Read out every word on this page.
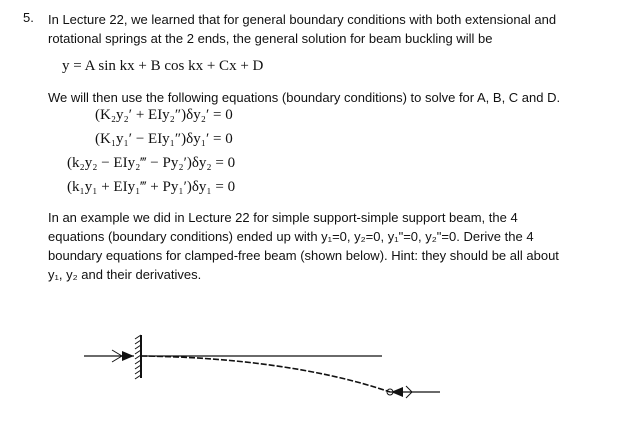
5. In Lecture 22, we learned that for general boundary conditions with both extensional and
rotational springs at the 2 ends, the general solution for beam buckling will be
y = A sin kx + B cos kx + Cx + D
We will then use the following equations (boundary conditions) to solve for A, B, C and D.
(K₂y₂′ + EIy₂″)δy₂′ = 0
(K₁y₁′ − EIy₁″)δy₁′ = 0
(k₂y₂ − EIy₂‴ − Py₂′)δy₂ = 0
(k₁y₁ + EIy₁‴ + Py₁′)δy₁ = 0
In an example we did in Lecture 22 for simple support-simple support beam, the 4
equations (boundary conditions) ended up with y₁=0, y₂=0, y₁"=0, y₂"=0. Derive the 4
boundary equations for clamped-free beam (shown below). Hint: they should be all about
y₁, y₂ and their derivatives.
